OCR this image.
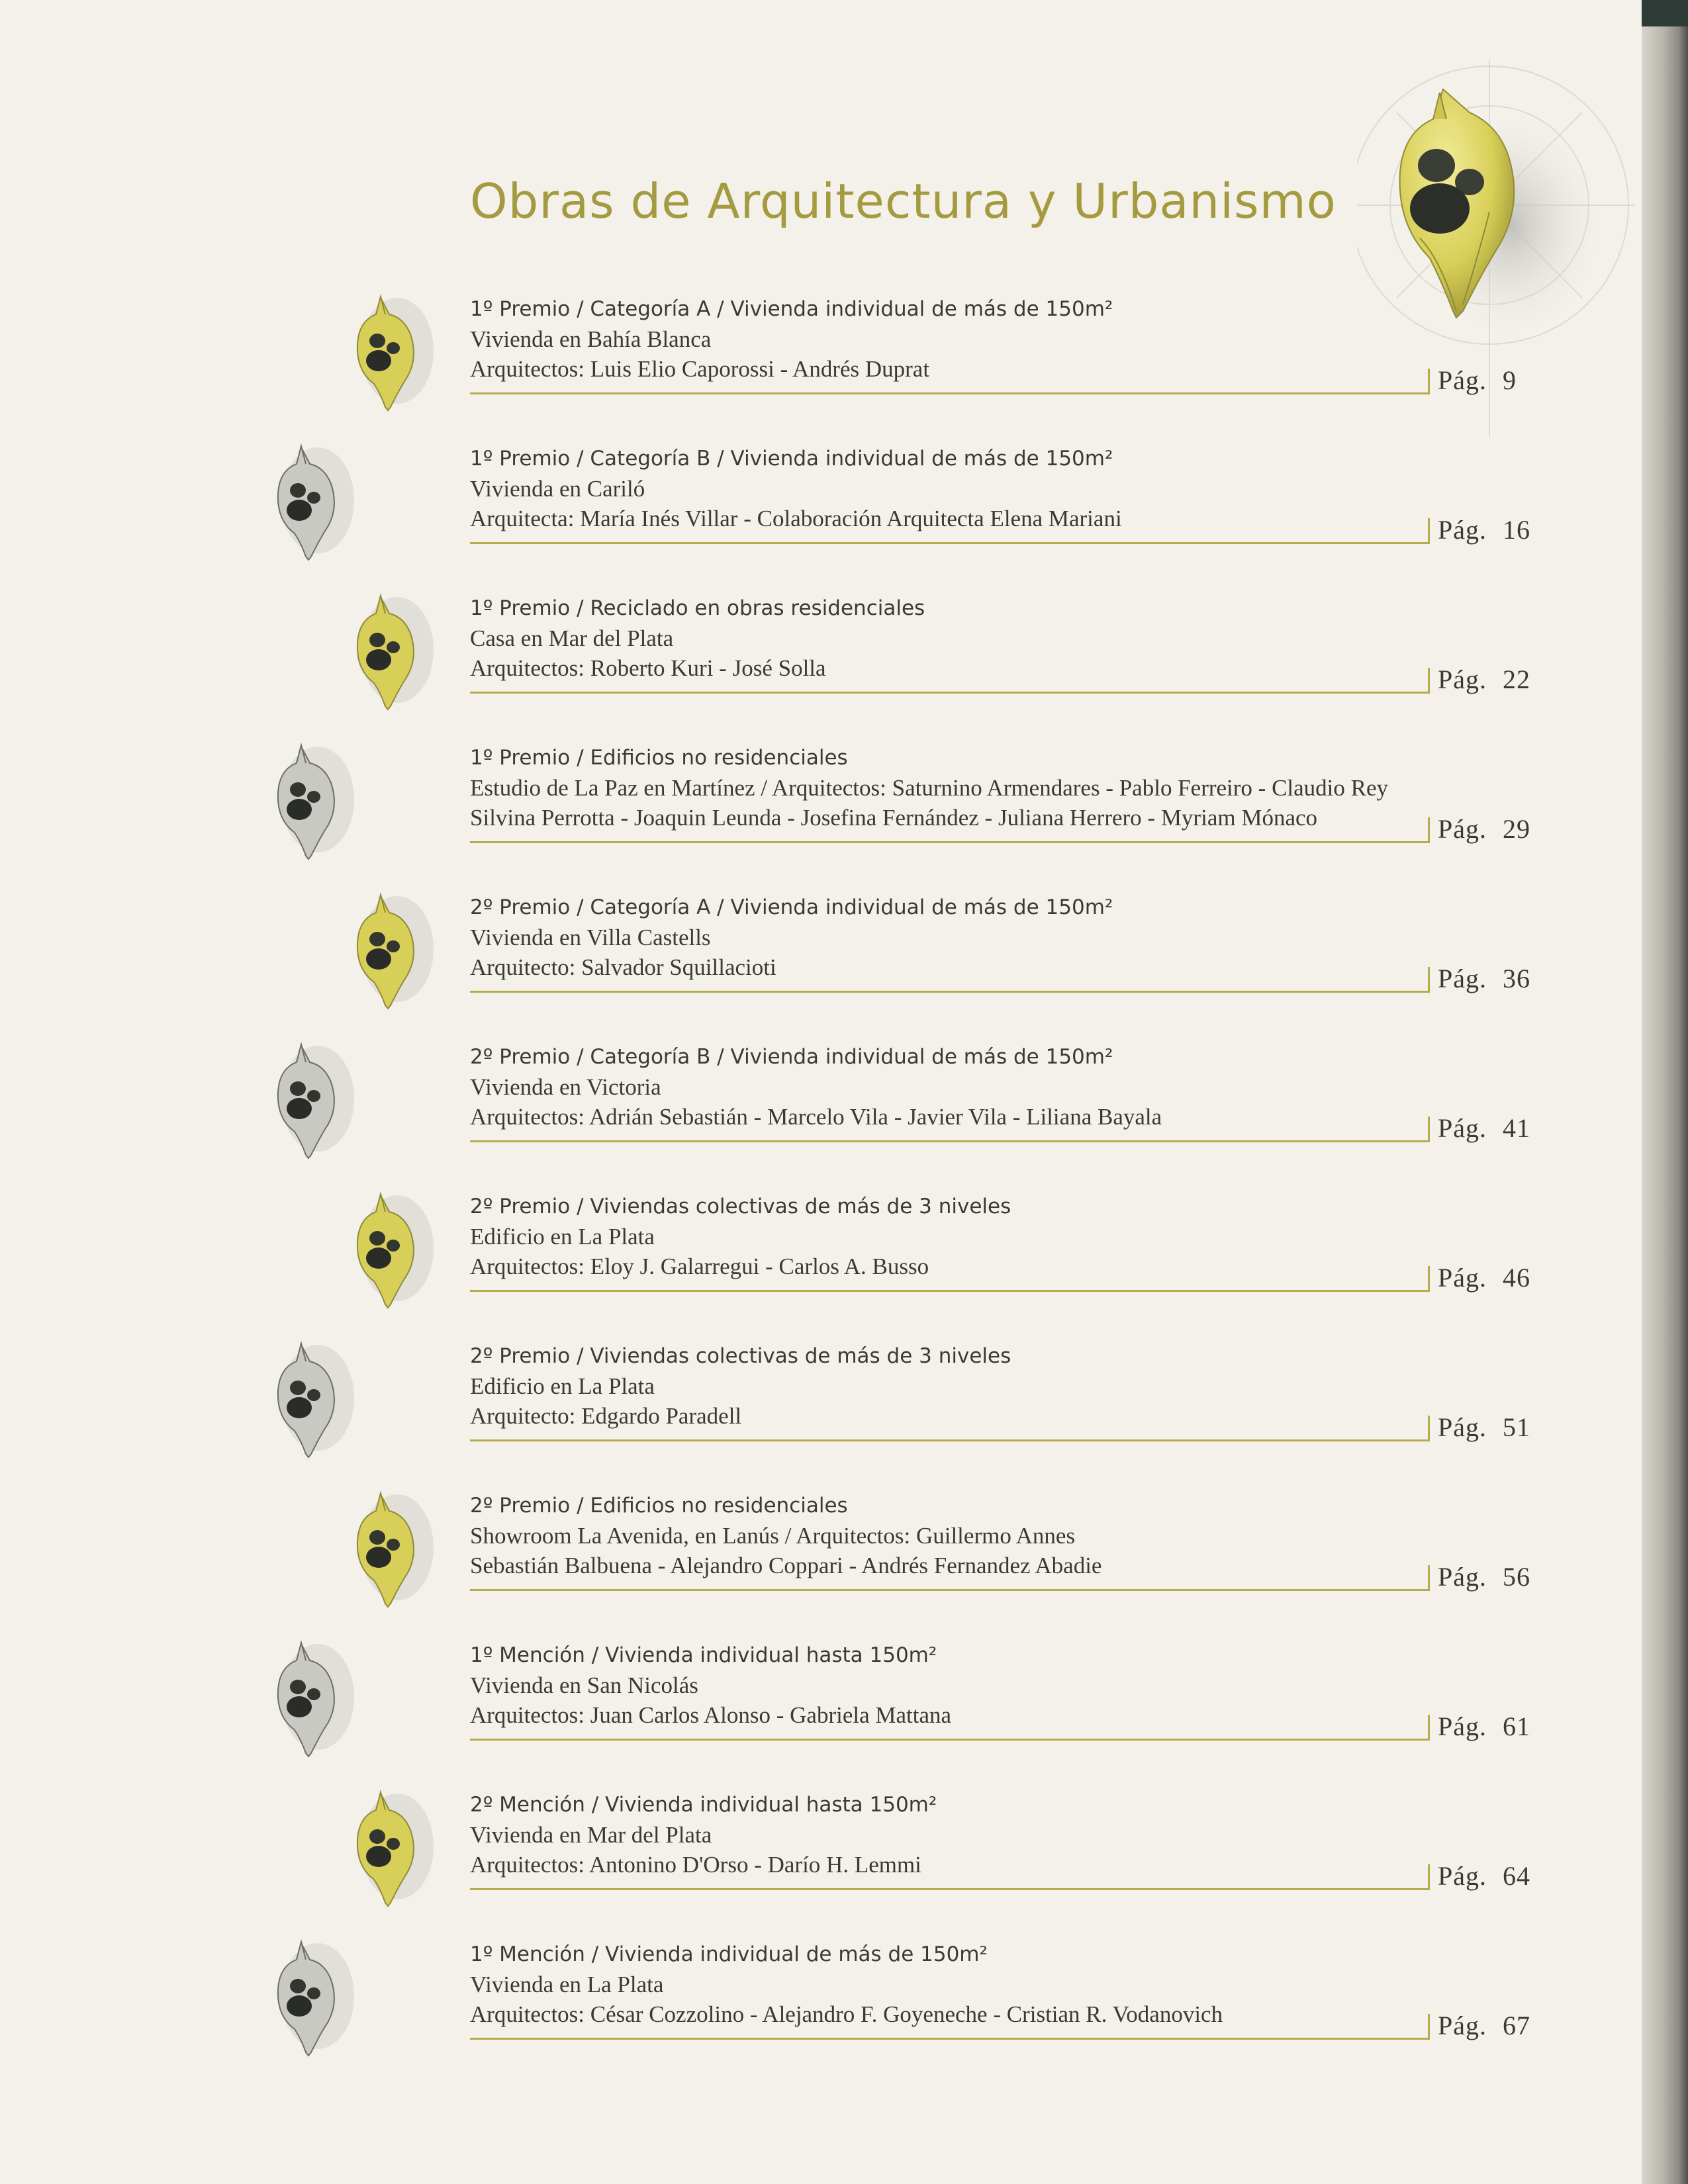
Obras de Arquitectura y Urbanismo
1º Premio / Categoría A / Vivienda individual de más de 150m²
Vivienda en Bahía Blanca
Arquitectos: Luis Elio Caporossi - Andrés Duprat	Pág. 9
1º Premio / Categoría B / Vivienda individual de más de 150m²
Vivienda en Cariló
Arquitecta: María Inés Villar - Colaboración Arquitecta Elena Mariani	Pág. 16
1º Premio / Reciclado en obras residenciales
Casa en Mar del Plata
Arquitectos: Roberto Kuri - José Solla	Pág. 22
1º Premio / Edificios no residenciales
Estudio de La Paz en Martínez / Arquitectos: Saturnino Armendares - Pablo Ferreiro - Claudio Rey
Silvina Perrotta - Joaquin Leunda - Josefina Fernández - Juliana Herrero - Myriam Mónaco	Pág. 29
2º Premio / Categoría A / Vivienda individual de más de 150m²
Vivienda en Villa Castells
Arquitecto: Salvador Squillacioti	Pág. 36
2º Premio / Categoría B / Vivienda individual de más de 150m²
Vivienda en Victoria
Arquitectos: Adrián Sebastián - Marcelo Vila - Javier Vila - Liliana Bayala	Pág. 41
2º Premio / Viviendas colectivas de más de 3 niveles
Edificio en La Plata
Arquitectos: Eloy J. Galarregui - Carlos A. Busso	Pág. 46
2º Premio / Viviendas colectivas de más de 3 niveles
Edificio en La Plata
Arquitecto: Edgardo Paradell	Pág. 51
2º Premio / Edificios no residenciales
Showroom La Avenida, en Lanús / Arquitectos: Guillermo Annes
Sebastián Balbuena - Alejandro Coppari - Andrés Fernandez Abadie	Pág. 56
1º Mención / Vivienda individual hasta 150m²
Vivienda en San Nicolás
Arquitectos: Juan Carlos Alonso - Gabriela Mattana	Pág. 61
2º Mención / Vivienda individual hasta 150m²
Vivienda en Mar del Plata
Arquitectos: Antonino D'Orso - Darío H. Lemmi	Pág. 64
1º Mención / Vivienda individual de más de 150m²
Vivienda en La Plata
Arquitectos: César Cozzolino - Alejandro F. Goyeneche - Cristian R. Vodanovich	Pág. 67
